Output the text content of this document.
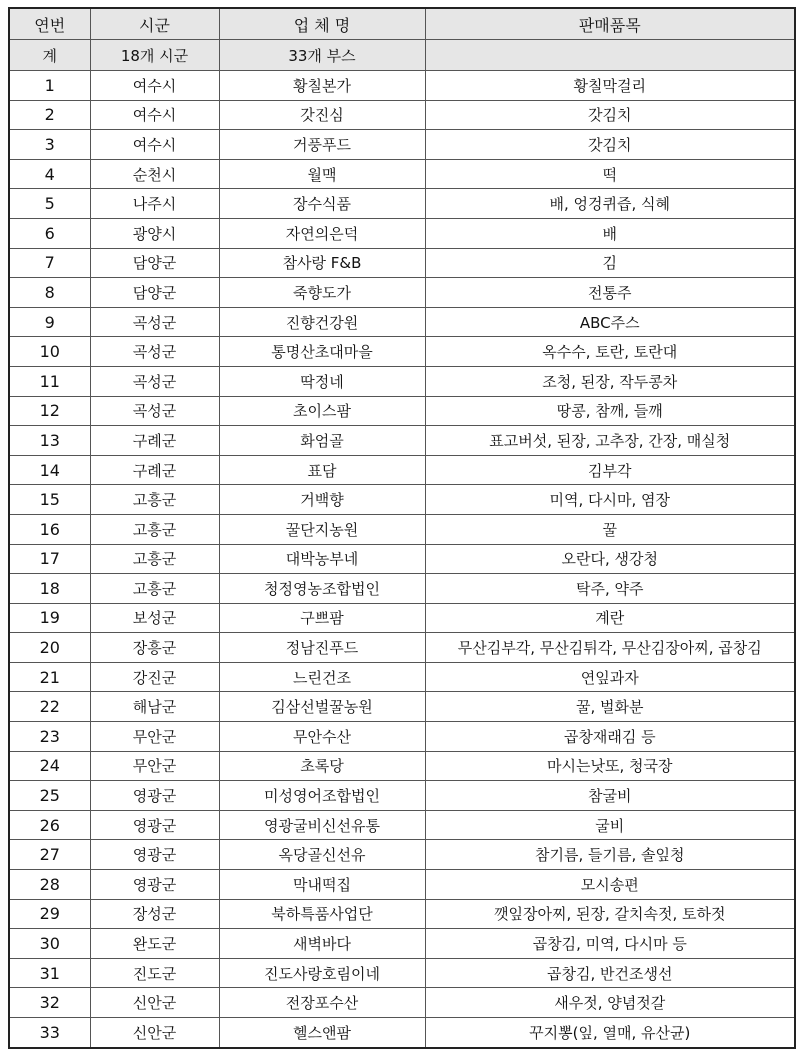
연번	시군	업 체 명	판매품목
계	18개 시군	33개 부스	
1	여수시	황칠본가	황칠막걸리
2	여수시	갓진심	갓김치
3	여수시	거풍푸드	갓김치
4	순천시	월맥	떡
5	나주시	장수식품	배, 엉겅퀴즙, 식혜
6	광양시	자연의은덕	배
7	담양군	참사랑 F&B	김
8	담양군	죽향도가	전통주
9	곡성군	진향건강원	ABC주스
10	곡성군	통명산초대마을	옥수수, 토란, 토란대
11	곡성군	딱정네	조청, 된장, 작두콩차
12	곡성군	초이스팜	땅콩, 참깨, 들깨
13	구례군	화엄골	표고버섯, 된장, 고추장, 간장, 매실청
14	구례군	표담	김부각
15	고흥군	거백향	미역, 다시마, 염장
16	고흥군	꿀단지농원	꿀
17	고흥군	대박농부네	오란다, 생강청
18	고흥군	청정영농조합법인	탁주, 약주
19	보성군	구쁘팜	계란
20	장흥군	정남진푸드	무산김부각, 무산김튀각, 무산김장아찌, 곱창김
21	강진군	느린건조	연잎과자
22	해남군	김삼선벌꿀농원	꿀, 벌화분
23	무안군	무안수산	곱창재래김 등
24	무안군	초록당	마시는낫또, 청국장
25	영광군	미성영어조합법인	참굴비
26	영광군	영광굴비신선유통	굴비
27	영광군	옥당골신선유	참기름, 들기름, 솔잎청
28	영광군	막내떡집	모시송편
29	장성군	북하특품사업단	깻잎장아찌, 된장, 갈치속젓, 토하젓
30	완도군	새벽바다	곱창김, 미역, 다시마 등
31	진도군	진도사랑호림이네	곱창김, 반건조생선
32	신안군	전장포수산	새우젓, 양념젓갈
33	신안군	헬스앤팜	꾸지뽕(잎, 열매, 유산균)
